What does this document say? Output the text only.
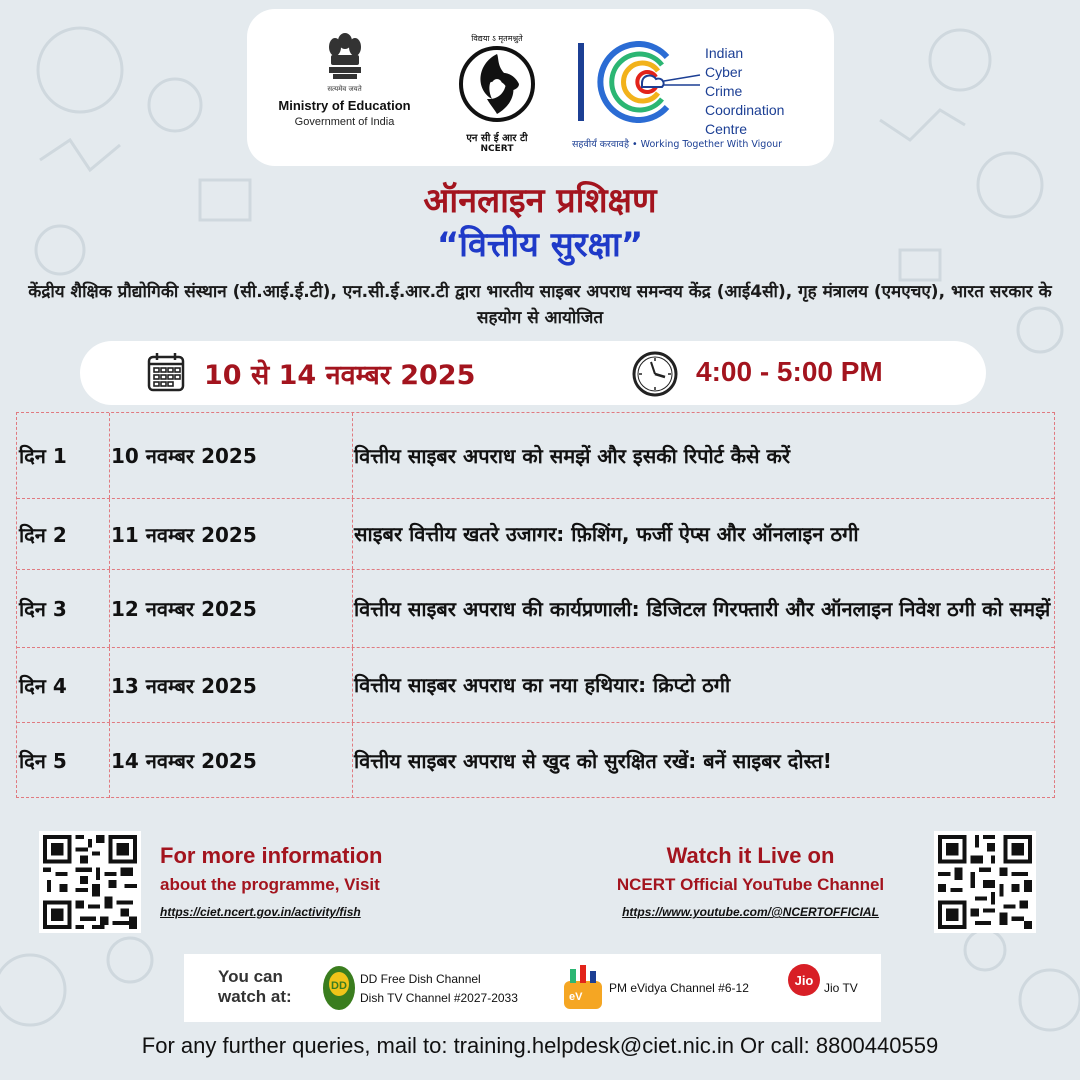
सत्यमेव जयते
Ministry of Education
Government of India
विद्यया ऽ मृतमश्नुते
एन सी ई आर टी
NCERT
Indian
Cyber
Crime
Coordination
Centre
सहवीर्यं करवावहै • Working Together With Vigour
ऑनलाइन प्रशिक्षण
“वित्तीय सुरक्षा”
केंद्रीय शैक्षिक प्रौद्योगिकी संस्थान (सी.आई.ई.टी), एन.सी.ई.आर.टी द्वारा भारतीय साइबर अपराध समन्वय केंद्र (आई4सी), गृह मंत्रालय (एमएचए), भारत सरकार के सहयोग से आयोजित
10 से 14 नवम्बर 2025	4:00 - 5:00 PM
दिन 1	10 नवम्बर 2025	वित्तीय साइबर अपराध को समझें और इसकी रिपोर्ट कैसे करें
दिन 2	11 नवम्बर 2025	साइबर वित्तीय खतरे उजागर: फ़िशिंग, फर्जी ऐप्स और ऑनलाइन ठगी
दिन 3	12 नवम्बर 2025	वित्तीय साइबर अपराध की कार्यप्रणाली: डिजिटल गिरफ्तारी और ऑनलाइन निवेश ठगी को समझें
दिन 4	13 नवम्बर 2025	वित्तीय साइबर अपराध का नया हथियार: क्रिप्टो ठगी
दिन 5	14 नवम्बर 2025	वित्तीय साइबर अपराध से खुद को सुरक्षित रखें: बनें साइबर दोस्त!
For more information
about the programme, Visit
https://ciet.ncert.gov.in/activity/fish
Watch it Live on
NCERT Official YouTube Channel
https://www.youtube.com/@NCERTOFFICIAL
You can
watch at:
DD DD Free Dish Channel
Dish TV Channel #2027-2033	eV
PM eVidya Channel #6-12	Jio Jio TV
For any further queries, mail to: training.helpdesk@ciet.nic.in Or call: 8800440559
